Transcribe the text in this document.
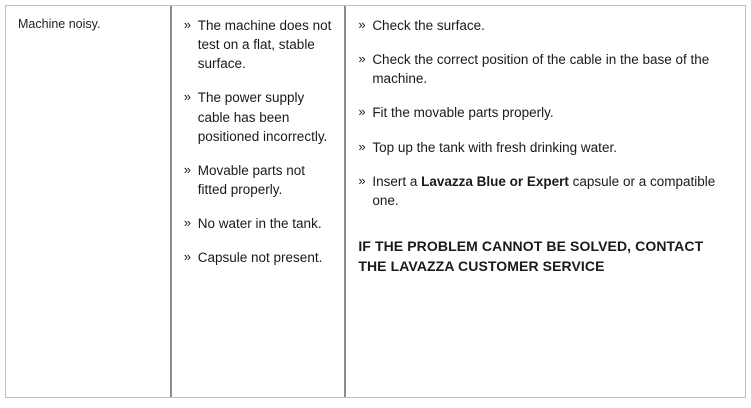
Machine noisy.	» The machine does not test on a flat, stable surface.
» The power supply cable has been positioned incorrectly.
» Movable parts not fitted properly.
» No water in the tank.
» Capsule not present.
» Check the surface.
» Check the correct position of the cable in the base of the machine.
» Fit the movable parts properly.
» Top up the tank with fresh drinking water.
» Insert a Lavazza Blue or Expert capsule or a compatible one.
IF THE PROBLEM CANNOT BE SOLVED, CONTACT THE LAVAZZA CUSTOMER SERVICE
